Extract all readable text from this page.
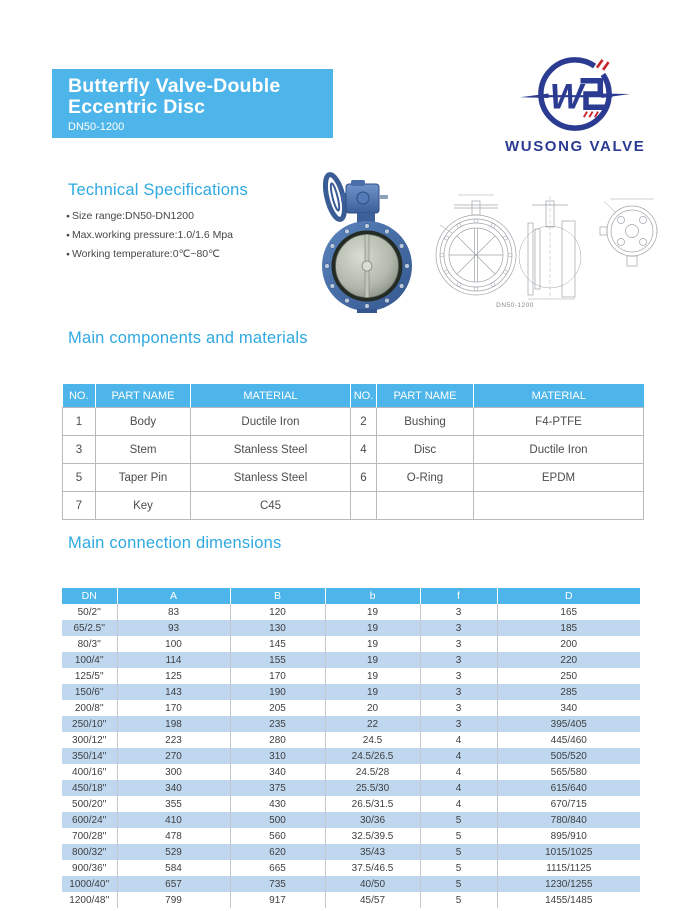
Butterfly Valve-Double
Eccentric Disc
DN50-1200
W
WUSONG VALVE
Technical Specifications
● Size range:DN50-DN1200
● Max.working pressure:1.0/1.6 Mpa
● Working temperature:0℃~80℃
DN50-1200
Main components and materials
NO.	PART NAME	MATERIAL	NO.	PART NAME	MATERIAL
1	Body	Ductile Iron	2	Bushing	F4-PTFE
3	Stem	Stanless Steel	4	Disc	Ductile Iron
5	Taper Pin	Stanless Steel	6	O-Ring	EPDM
7	Key	C45			
Main connection dimensions
DN	A	B	b	f	D
50/2''	83	120	19	3	165
65/2.5''	93	130	19	3	185
80/3''	100	145	19	3	200
100/4''	114	155	19	3	220
125/5''	125	170	19	3	250
150/6''	143	190	19	3	285
200/8''	170	205	20	3	340
250/10''	198	235	22	3	395/405
300/12''	223	280	24.5	4	445/460
350/14''	270	310	24.5/26.5	4	505/520
400/16''	300	340	24.5/28	4	565/580
450/18''	340	375	25.5/30	4	615/640
500/20''	355	430	26.5/31.5	4	670/715
600/24''	410	500	30/36	5	780/840
700/28''	478	560	32.5/39.5	5	895/910
800/32''	529	620	35/43	5	1015/1025
900/36''	584	665	37.5/46.5	5	1115/1125
1000/40''	657	735	40/50	5	1230/1255
1200/48''	799	917	45/57	5	1455/1485
